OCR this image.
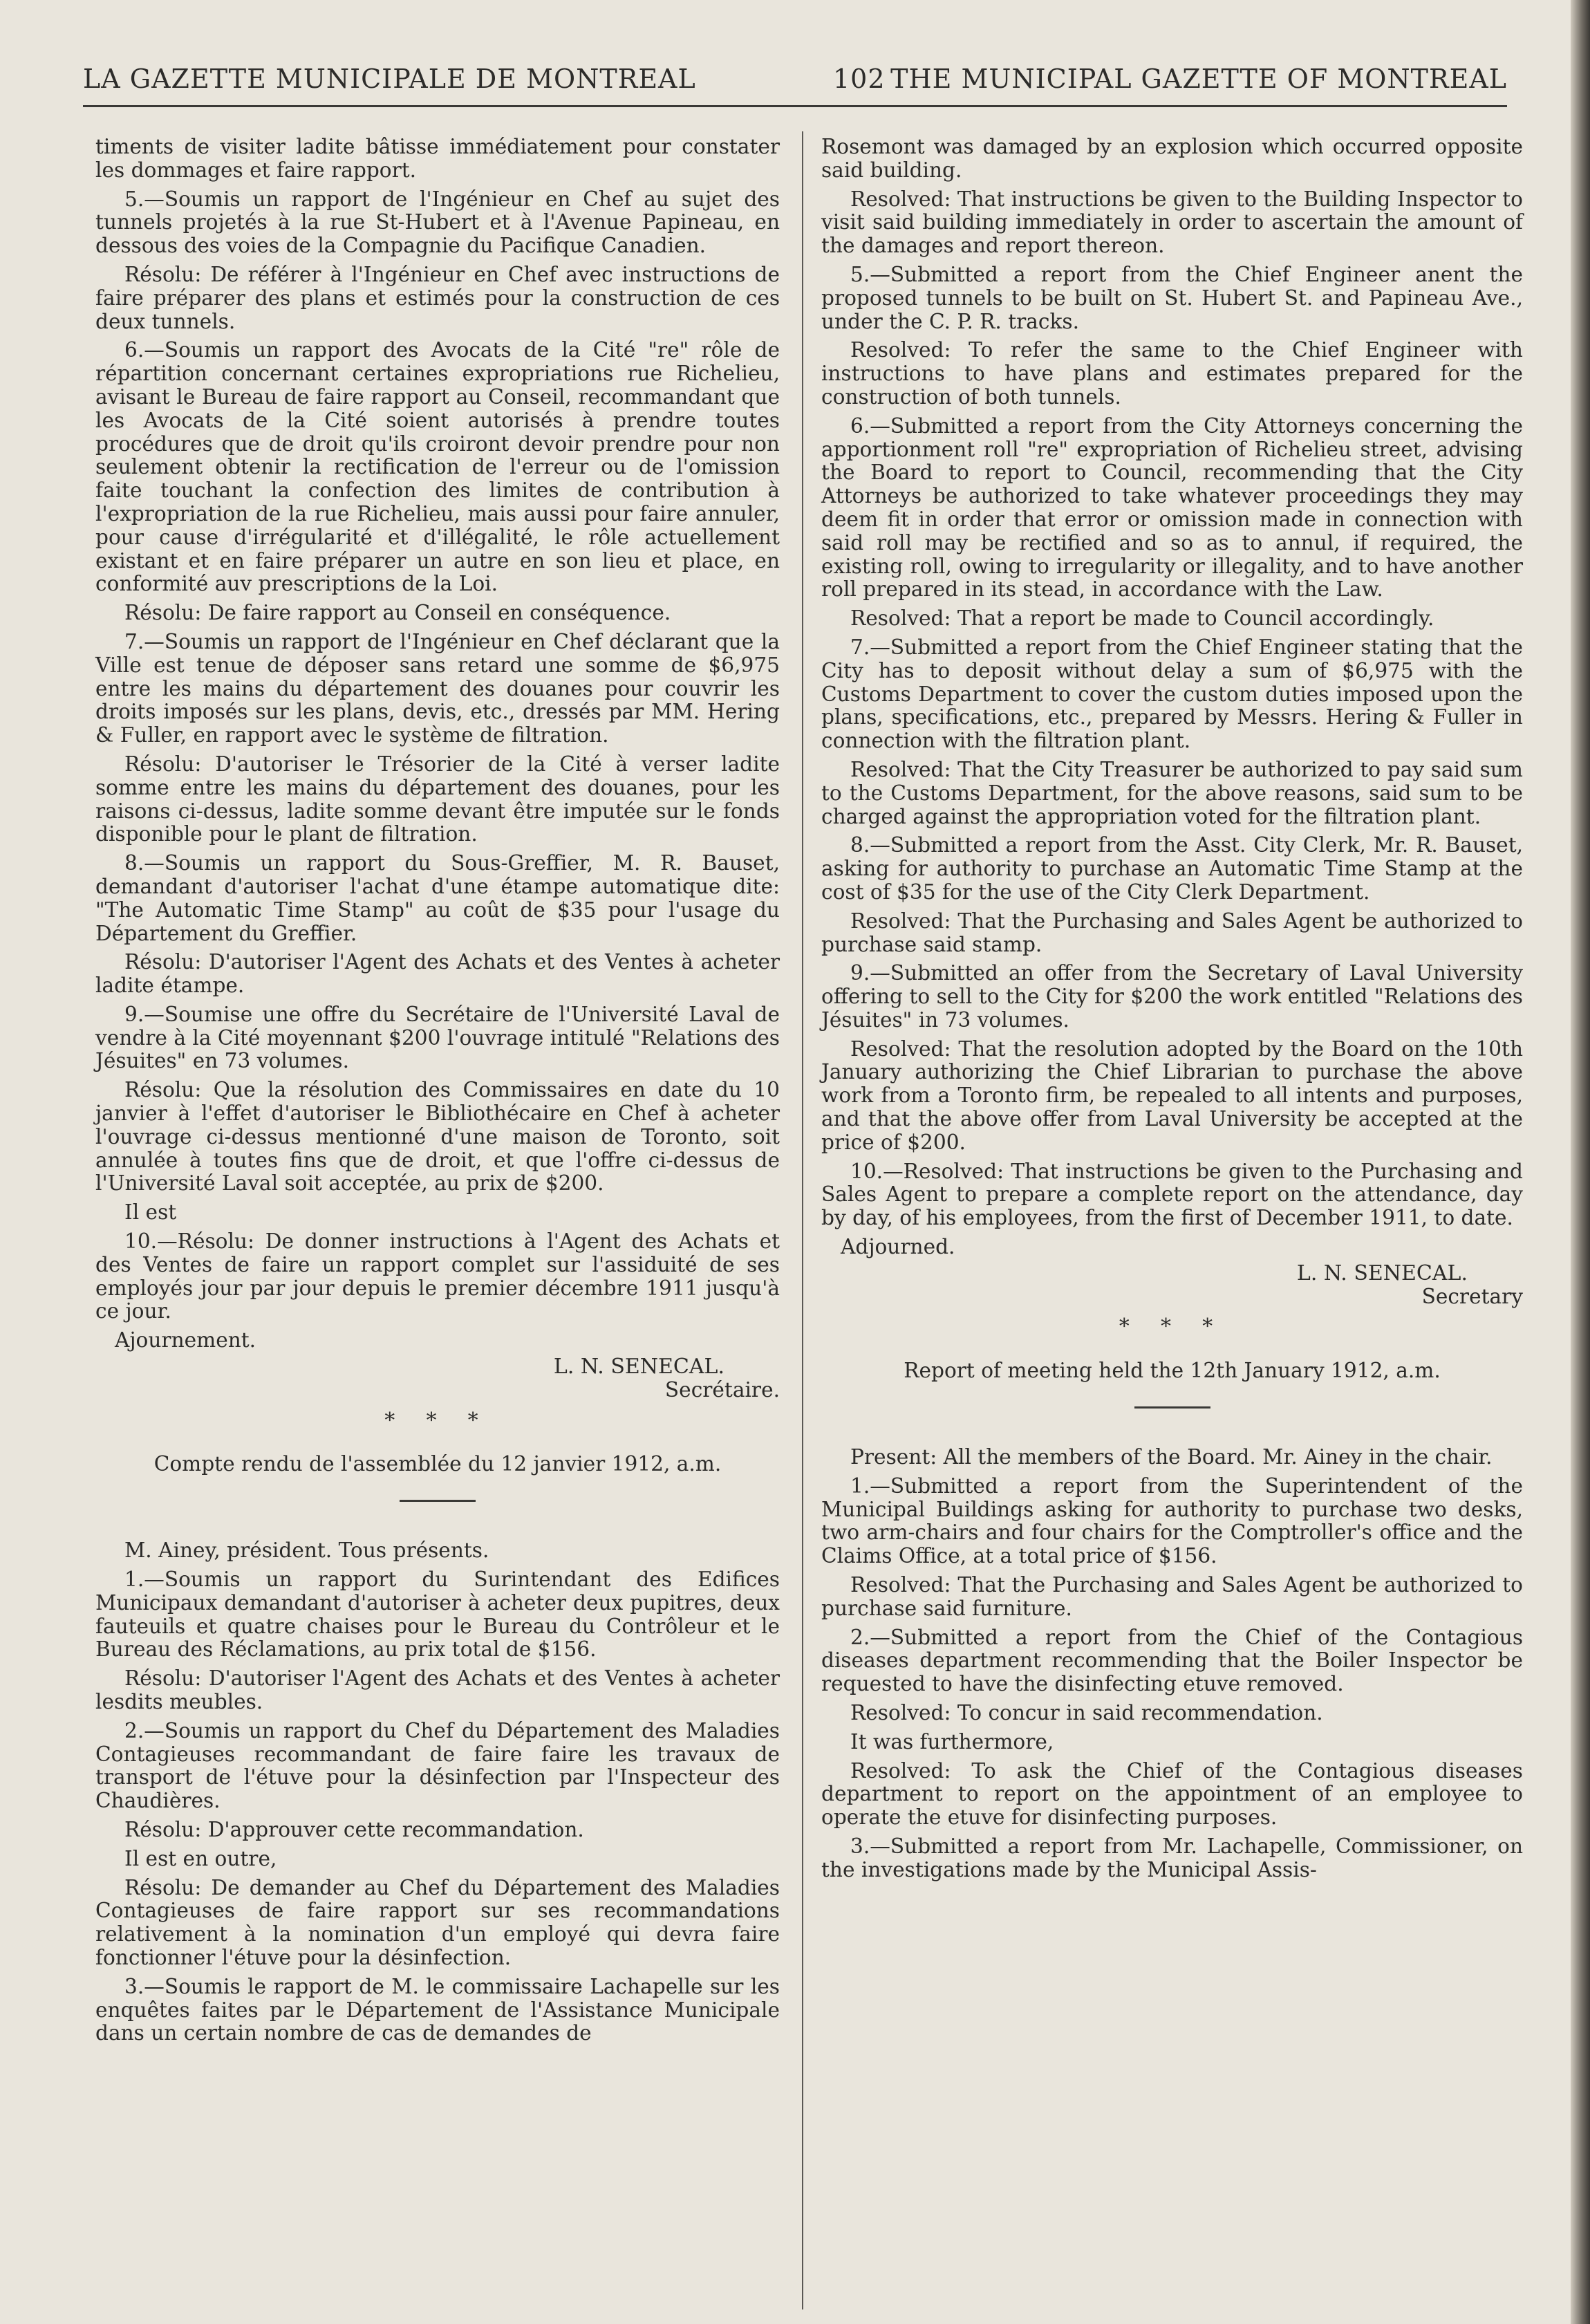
LA GAZETTE MUNICIPALE DE MONTREAL	102 THE MUNICIPAL GAZETTE OF MONTREAL

timents de visiter ladite bâtisse immédiatement pour constater les dommages et faire rapport.

5.—Soumis un rapport de l'Ingénieur en Chef au sujet des tunnels projetés à la rue St-Hubert et à l'Avenue Papineau, en dessous des voies de la Compagnie du Pacifique Canadien.

Résolu: De référer à l'Ingénieur en Chef avec instructions de faire préparer des plans et estimés pour la construction de ces deux tunnels.

6.—Soumis un rapport des Avocats de la Cité "re" rôle de répartition concernant certaines expropriations rue Richelieu, avisant le Bureau de faire rapport au Conseil, recommandant que les Avocats de la Cité soient autorisés à prendre toutes procédures que de droit qu'ils croiront devoir prendre pour non seulement obtenir la rectification de l'erreur ou de l'omission faite touchant la confection des limites de contribution à l'expropriation de la rue Richelieu, mais aussi pour faire annuler, pour cause d'irrégularité et d'illégalité, le rôle actuellement existant et en faire préparer un autre en son lieu et place, en conformité auv prescriptions de la Loi.

Résolu: De faire rapport au Conseil en conséquence.

7.—Soumis un rapport de l'Ingénieur en Chef déclarant que la Ville est tenue de déposer sans retard une somme de $6,975 entre les mains du département des douanes pour couvrir les droits imposés sur les plans, devis, etc., dressés par MM. Hering & Fuller, en rapport avec le système de filtration.

Résolu: D'autoriser le Trésorier de la Cité à verser ladite somme entre les mains du département des douanes, pour les raisons ci-dessus, ladite somme devant être imputée sur le fonds disponible pour le plant de filtration.

8.—Soumis un rapport du Sous-Greffier, M. R. Bauset, demandant d'autoriser l'achat d'une étampe automatique dite: "The Automatic Time Stamp" au coût de $35 pour l'usage du Département du Greffier.

Résolu: D'autoriser l'Agent des Achats et des Ventes à acheter ladite étampe.

9.—Soumise une offre du Secrétaire de l'Université Laval de vendre à la Cité moyennant $200 l'ouvrage intitulé "Relations des Jésuites" en 73 volumes.

Résolu: Que la résolution des Commissaires en date du 10 janvier à l'effet d'autoriser le Bibliothécaire en Chef à acheter l'ouvrage ci-dessus mentionné d'une maison de Toronto, soit annulée à toutes fins que de droit, et que l'offre ci-dessus de l'Université Laval soit acceptée, au prix de $200.

Il est

10.—Résolu: De donner instructions à l'Agent des Achats et des Ventes de faire un rapport complet sur l'assiduité de ses employés jour par jour depuis le premier décembre 1911 jusqu'à ce jour.

Ajournement.

L. N. SENECAL.

Secrétaire.

* * *

Compte rendu de l'assemblée du 12 janvier 1912, a.m.

M. Ainey, président. Tous présents.

1.—Soumis un rapport du Surintendant des Edifices Municipaux demandant d'autoriser à acheter deux pupitres, deux fauteuils et quatre chaises pour le Bureau du Contrôleur et le Bureau des Réclamations, au prix total de $156.

Résolu: D'autoriser l'Agent des Achats et des Ventes à acheter lesdits meubles.

2.—Soumis un rapport du Chef du Département des Maladies Contagieuses recommandant de faire faire les travaux de transport de l'étuve pour la désinfection par l'Inspecteur des Chaudières.

Résolu: D'approuver cette recommandation.

Il est en outre,

Résolu: De demander au Chef du Département des Maladies Contagieuses de faire rapport sur ses recommandations relativement à la nomination d'un employé qui devra faire fonctionner l'étuve pour la désinfection.

3.—Soumis le rapport de M. le commissaire Lachapelle sur les enquêtes faites par le Département de l'Assistance Municipale dans un certain nombre de cas de demandes de

Rosemont was damaged by an explosion which occurred opposite said building.

Resolved: That instructions be given to the Building Inspector to visit said building immediately in order to ascertain the amount of the damages and report thereon.

5.—Submitted a report from the Chief Engineer anent the proposed tunnels to be built on St. Hubert St. and Papineau Ave., under the C. P. R. tracks.

Resolved: To refer the same to the Chief Engineer with instructions to have plans and estimates prepared for the construction of both tunnels.

6.—Submitted a report from the City Attorneys concerning the apportionment roll "re" expropriation of Richelieu street, advising the Board to report to Council, recommending that the City Attorneys be authorized to take whatever proceedings they may deem fit in order that error or omission made in connection with said roll may be rectified and so as to annul, if required, the existing roll, owing to irregularity or illegality, and to have another roll prepared in its stead, in accordance with the Law.

Resolved: That a report be made to Council accordingly.

7.—Submitted a report from the Chief Engineer stating that the City has to deposit without delay a sum of $6,975 with the Customs Department to cover the custom duties imposed upon the plans, specifications, etc., prepared by Messrs. Hering & Fuller in connection with the filtration plant.

Resolved: That the City Treasurer be authorized to pay said sum to the Customs Department, for the above reasons, said sum to be charged against the appropriation voted for the filtration plant.

8.—Submitted a report from the Asst. City Clerk, Mr. R. Bauset, asking for authority to purchase an Automatic Time Stamp at the cost of $35 for the use of the City Clerk Department.

Resolved: That the Purchasing and Sales Agent be authorized to purchase said stamp.

9.—Submitted an offer from the Secretary of Laval University offering to sell to the City for $200 the work entitled "Relations des Jésuites" in 73 volumes.

Resolved: That the resolution adopted by the Board on the 10th January authorizing the Chief Librarian to purchase the above work from a Toronto firm, be repealed to all intents and purposes, and that the above offer from Laval University be accepted at the price of $200.

10.—Resolved: That instructions be given to the Purchasing and Sales Agent to prepare a complete report on the attendance, day by day, of his employees, from the first of December 1911, to date.

Adjourned.

L. N. SENECAL.

Secretary

* * *

Report of meeting held the 12th January 1912, a.m.

Present: All the members of the Board. Mr. Ainey in the chair.

1.—Submitted a report from the Superintendent of the Municipal Buildings asking for authority to purchase two desks, two arm-chairs and four chairs for the Comptroller's office and the Claims Office, at a total price of $156.

Resolved: That the Purchasing and Sales Agent be authorized to purchase said furniture.

2.—Submitted a report from the Chief of the Contagious diseases department recommending that the Boiler Inspector be requested to have the disinfecting etuve removed.

Resolved: To concur in said recommendation.

It was furthermore,

Resolved: To ask the Chief of the Contagious diseases department to report on the appointment of an employee to operate the etuve for disinfecting purposes.

3.—Submitted a report from Mr. Lachapelle, Commissioner, on the investigations made by the Municipal Assis-
